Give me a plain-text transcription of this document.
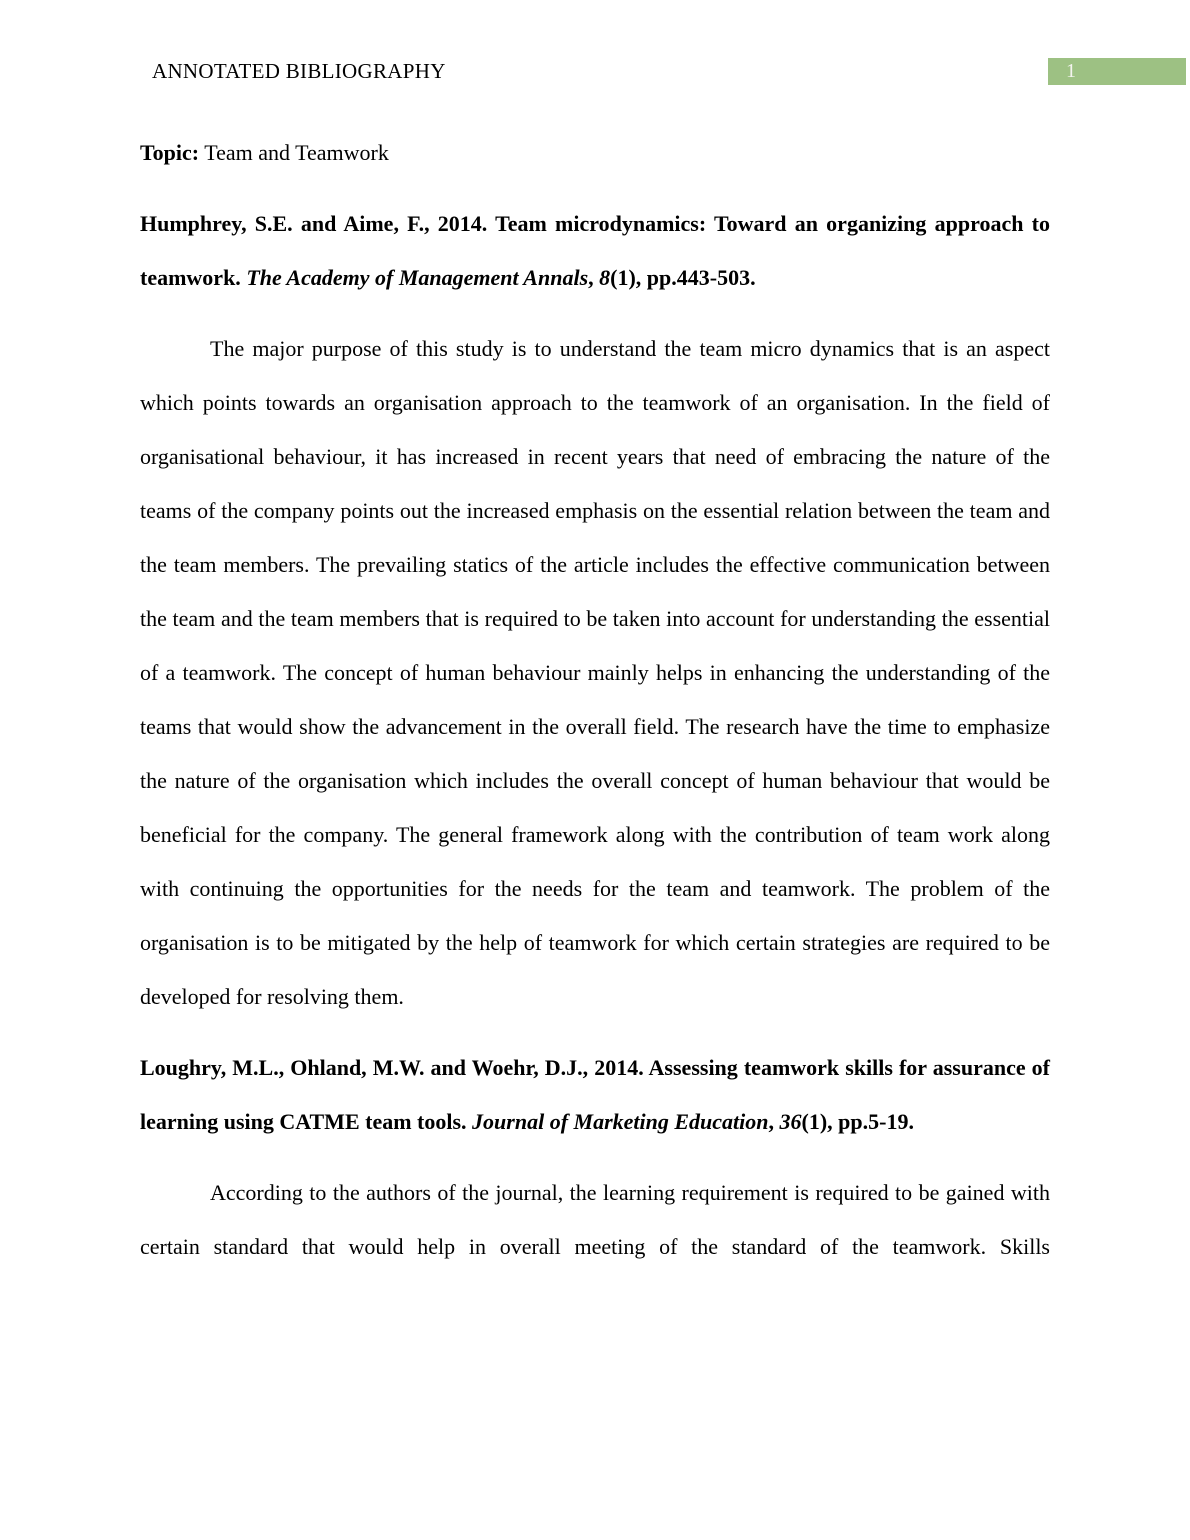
ANNOTATED BIBLIOGRAPHY	1

Topic: Team and Teamwork

Humphrey, S.E. and Aime, F., 2014. Team microdynamics: Toward an organizing approach to teamwork. The Academy of Management Annals, 8(1), pp.443-503.

The major purpose of this study is to understand the team micro dynamics that is an aspect which points towards an organisation approach to the teamwork of an organisation. In the field of organisational behaviour, it has increased in recent years that need of embracing the nature of the teams of the company points out the increased emphasis on the essential relation between the team and the team members. The prevailing statics of the article includes the effective communication between the team and the team members that is required to be taken into account for understanding the essential of a teamwork. The concept of human behaviour mainly helps in enhancing the understanding of the teams that would show the advancement in the overall field. The research have the time to emphasize the nature of the organisation which includes the overall concept of human behaviour that would be beneficial for the company. The general framework along with the contribution of team work along with continuing the opportunities for the needs for the team and teamwork. The problem of the organisation is to be mitigated by the help of teamwork for which certain strategies are required to be developed for resolving them.

Loughry, M.L., Ohland, M.W. and Woehr, D.J., 2014. Assessing teamwork skills for assurance of learning using CATME team tools. Journal of Marketing Education, 36(1), pp.5-19.

According to the authors of the journal, the learning requirement is required to be gained with certain standard that would help in overall meeting of the standard of the teamwork. Skills
